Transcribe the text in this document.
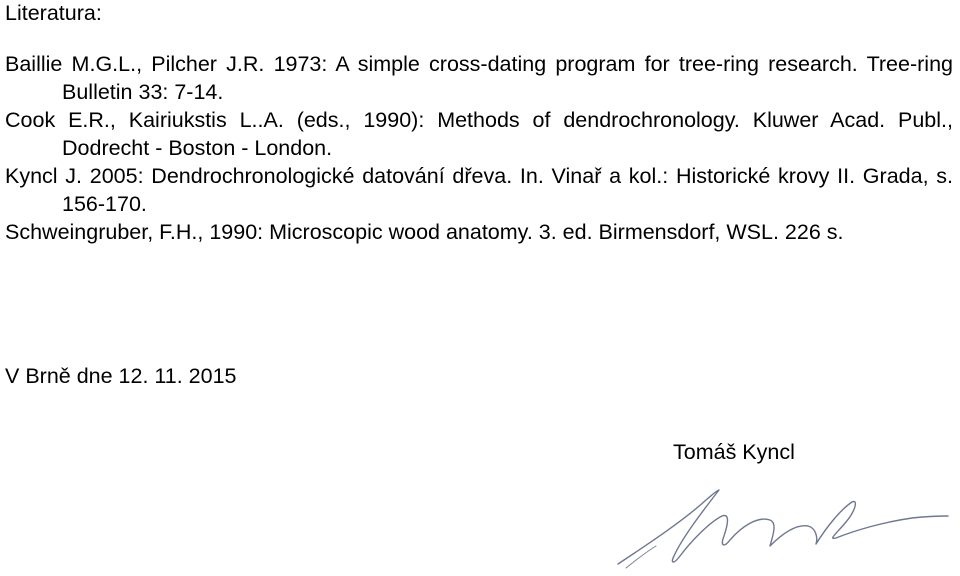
Literatura:

Baillie M.G.L., Pilcher J.R. 1973: A simple cross-dating program for tree-ring research. Tree-ring Bulletin 33: 7-14.

Cook E.R., Kairiukstis L..A. (eds., 1990): Methods of dendrochronology. Kluwer Acad. Publ., Dodrecht - Boston - London.

Kyncl J. 2005: Dendrochronologické datování dřeva. In. Vinař a kol.: Historické krovy II. Grada, s. 156-170.

Schweingruber, F.H., 1990: Microscopic wood anatomy. 3. ed. Birmensdorf, WSL. 226 s.

V Brně dne 12. 11. 2015
Tomáš Kyncl
